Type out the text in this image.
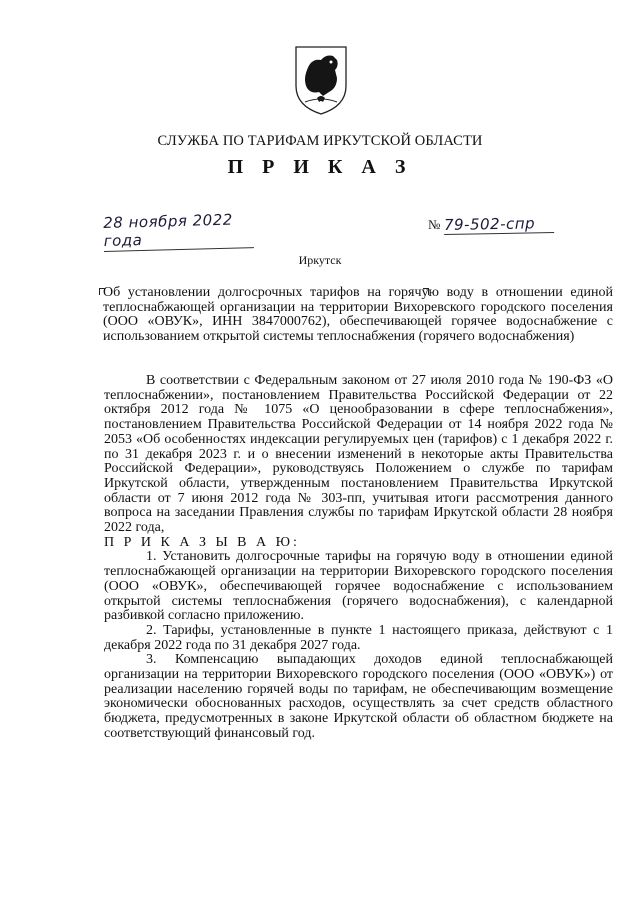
СЛУЖБА ПО ТАРИФАМ ИРКУТСКОЙ ОБЛАСТИ
П Р И К А З
28 ноября 2022 года
№ 79-502-спр
Иркутск
Об установлении долгосрочных тарифов на горячую воду в отношении единой теплоснабжающей организации на территории Вихоревского городского поселения (ООО «ОВУК», ИНН 3847000762), обеспечивающей горячее водоснабжение с использованием открытой системы теплоснабжения (горячего водоснабжения)

В соответствии с Федеральным законом от 27 июля 2010 года № 190-ФЗ «О теплоснабжении», постановлением Правительства Российской Федерации от 22 октября 2012 года № 1075 «О ценообразовании в сфере теплоснабжения», постановлением Правительства Российской Федерации от 14 ноября 2022 года № 2053 «Об особенностях индексации регулируемых цен (тарифов) с 1 декабря 2022 г. по 31 декабря 2023 г. и о внесении изменений в некоторые акты Правительства Российской Федерации», руководствуясь Положением о службе по тарифам Иркутской области, утвержденным постановлением Правительства Иркутской области от 7 июня 2012 года № 303-пп, учитывая итоги рассмотрения данного вопроса на заседании Правления службы по тарифам Иркутской области 28 ноября 2022 года,

П Р И К А З Ы В А Ю:

1. Установить долгосрочные тарифы на горячую воду в отношении единой теплоснабжающей организации на территории Вихоревского городского поселения (ООО «ОВУК», обеспечивающей горячее водоснабжение с использованием открытой системы теплоснабжения (горячего водоснабжения), с календарной разбивкой согласно приложению.

2. Тарифы, установленные в пункте 1 настоящего приказа, действуют с 1 декабря 2022 года по 31 декабря 2027 года.

3. Компенсацию выпадающих доходов единой теплоснабжающей организации на территории Вихоревского городского поселения (ООО «ОВУК») от реализации населению горячей воды по тарифам, не обеспечивающим возмещение экономически обоснованных расходов, осуществлять за счет средств областного бюджета, предусмотренных в законе Иркутской области об областном бюджете на соответствующий финансовый год.
